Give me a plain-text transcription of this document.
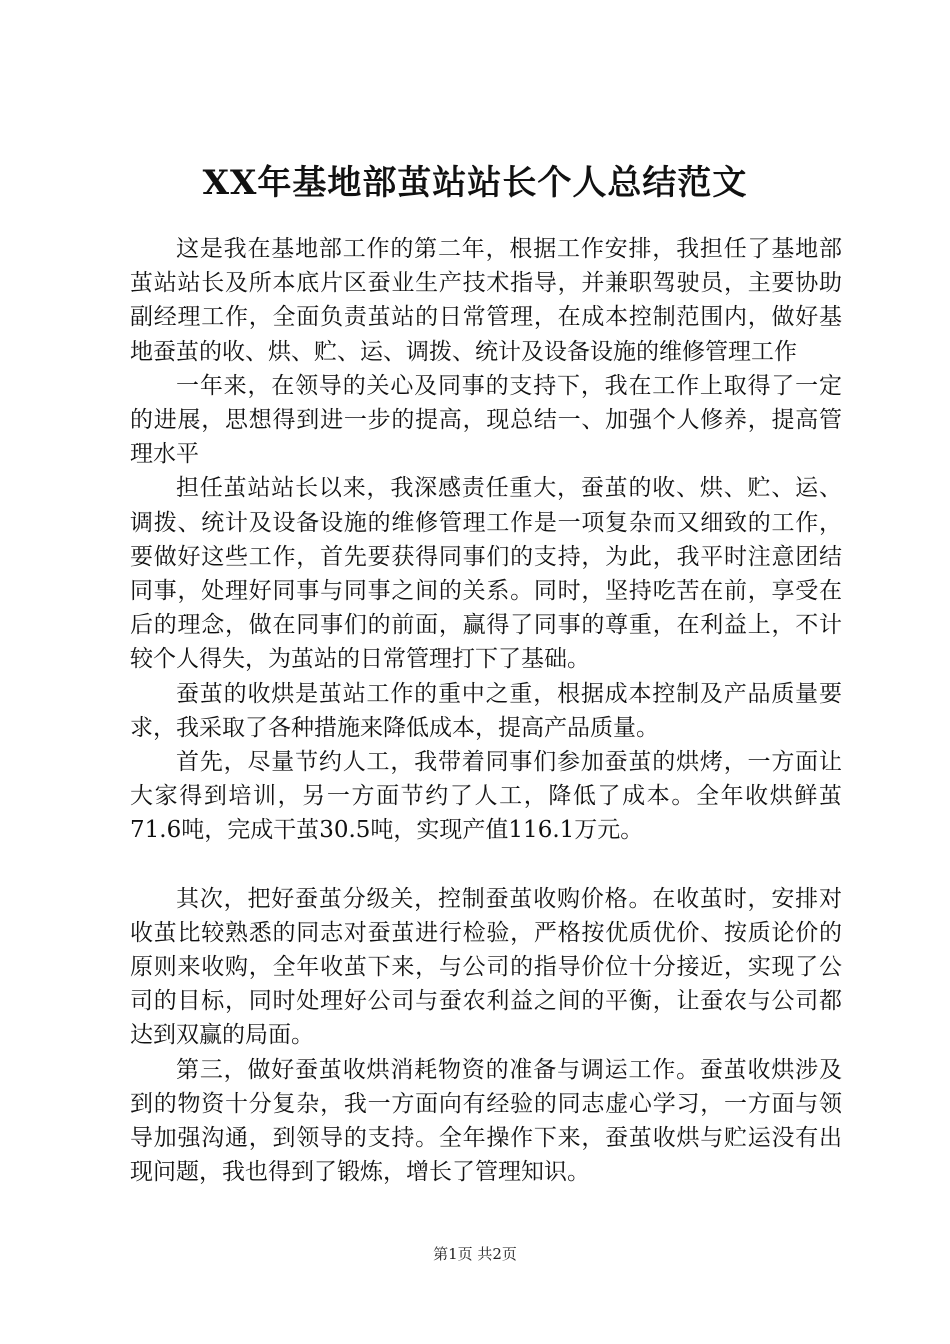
XX年基地部茧站站长个人总结范文

这是我在基地部工作的第二年，根据工作安排，我担任了基地部茧站站长及所本底片区蚕业生产技术指导，并兼职驾驶员，主要协助副经理工作，全面负责茧站的日常管理，在成本控制范围内，做好基地蚕茧的收、烘、贮、运、调拨、统计及设备设施的维修管理工作

一年来，在领导的关心及同事的支持下，我在工作上取得了一定的进展，思想得到进一步的提高，现总结一、加强个人修养，提高管理水平

担任茧站站长以来，我深感责任重大，蚕茧的收、烘、贮、运、调拨、统计及设备设施的维修管理工作是一项复杂而又细致的工作，要做好这些工作，首先要获得同事们的支持，为此，我平时注意团结同事，处理好同事与同事之间的关系。同时，坚持吃苦在前，享受在后的理念，做在同事们的前面，赢得了同事的尊重，在利益上，不计较个人得失，为茧站的日常管理打下了基础。

蚕茧的收烘是茧站工作的重中之重，根据成本控制及产品质量要求，我采取了各种措施来降低成本，提高产品质量。

首先，尽量节约人工，我带着同事们参加蚕茧的烘烤，一方面让大家得到培训，另一方面节约了人工，降低了成本。全年收烘鲜茧71.6吨，完成干茧30.5吨，实现产值116.1万元。

其次，把好蚕茧分级关，控制蚕茧收购价格。在收茧时，安排对收茧比较熟悉的同志对蚕茧进行检验，严格按优质优价、按质论价的原则来收购，全年收茧下来，与公司的指导价位十分接近，实现了公司的目标，同时处理好公司与蚕农利益之间的平衡，让蚕农与公司都达到双赢的局面。

第三，做好蚕茧收烘消耗物资的准备与调运工作。蚕茧收烘涉及到的物资十分复杂，我一方面向有经验的同志虚心学习，一方面与领导加强沟通，到领导的支持。全年操作下来，蚕茧收烘与贮运没有出现问题，我也得到了锻炼，增长了管理知识。

第1页 共2页
